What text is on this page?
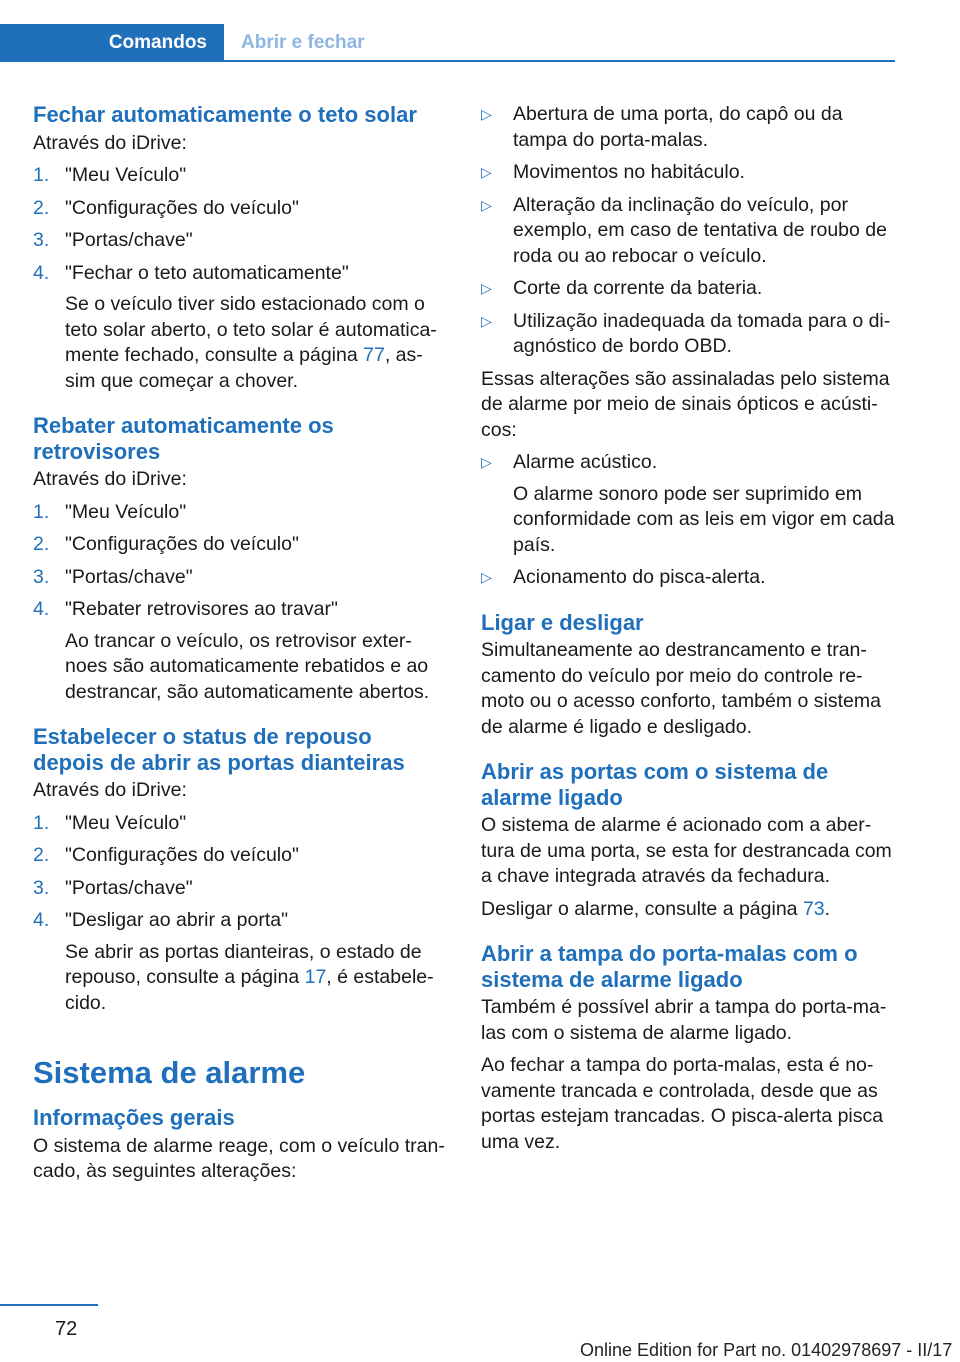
Comandos Abrir e fechar
Fechar automaticamente o teto solar
Através do iDrive:
1. "Meu Veículo"
2. "Configurações do veículo"
3. "Portas/chave"
4. "Fechar o teto automaticamente"
Se o veículo tiver sido estacionado com o teto solar aberto, o teto solar é automatica‐mente fechado, consulte a página 77, as‐sim que começar a chover.
Rebater automaticamente os retrovisores
Através do iDrive:
1. "Meu Veículo"
2. "Configurações do veículo"
3. "Portas/chave"
4. "Rebater retrovisores ao travar"
Ao trancar o veículo, os retrovisor exter‐noes são automaticamente rebatidos e ao destrancar, são automaticamente abertos.
Estabelecer o status de repouso depois de abrir as portas dianteiras
Através do iDrive:
1. "Meu Veículo"
2. "Configurações do veículo"
3. "Portas/chave"
4. "Desligar ao abrir a porta"
Se abrir as portas dianteiras, o estado de repouso, consulte a página 17, é estabele‐cido.
Sistema de alarme
Informações gerais
O sistema de alarme reage, com o veículo tran‐cado, às seguintes alterações:
▷	Abertura de uma porta, do capô ou da tampa do porta-malas.
▷	Movimentos no habitáculo.
▷	Alteração da inclinação do veículo, por exemplo, em caso de tentativa de roubo de roda ou ao rebocar o veículo.
▷	Corte da corrente da bateria.
▷	Utilização inadequada da tomada para o di‐agnóstico de bordo OBD.
Essas alterações são assinaladas pelo sistema de alarme por meio de sinais ópticos e acústi‐cos:
▷	Alarme acústico.
O alarme sonoro pode ser suprimido em conformidade com as leis em vigor em cada país.
▷	Acionamento do pisca-alerta.
Ligar e desligar
Simultaneamente ao destrancamento e tran‐camento do veículo por meio do controle re‐moto ou o acesso conforto, também o sistema de alarme é ligado e desligado.
Abrir as portas com o sistema de alarme ligado
O sistema de alarme é acionado com a aber‐tura de uma porta, se esta for destrancada com a chave integrada através da fechadura.
Desligar o alarme, consulte a página 73.
Abrir a tampa do porta-malas com o sistema de alarme ligado
Também é possível abrir a tampa do porta-ma‐las com o sistema de alarme ligado.
Ao fechar a tampa do porta-malas, esta é no‐vamente trancada e controlada, desde que as portas estejam trancadas. O pisca-alerta pisca uma vez.
72
Online Edition for Part no. 01402978697 - II/17
